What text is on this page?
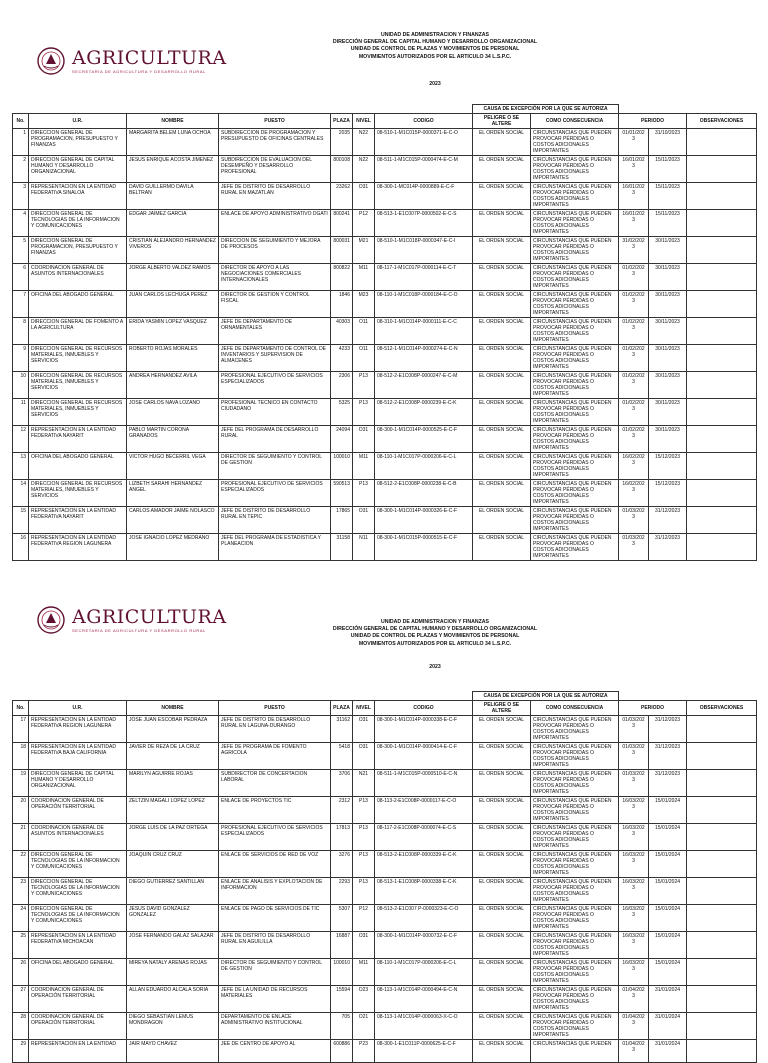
AGRICULTURA
SECRETARÍA DE AGRICULTURA Y DESARROLLO RURAL
UNIDAD DE ADMINISTRACION Y FINANZAS
DIRECCIÓN GENERAL DE CAPITAL HUMANO Y DESARROLLO ORGANIZACIONAL
UNIDAD DE CONTROL DE PLAZAS Y MOVIMIENTOS DE PERSONAL
MOVIMIENTOS AUTORIZADOS POR EL ARTICULO 34 L.S.P.C.
2023
							CAUSA DE EXCEPCIÓN POR LA QUE SE AUTORIZA				
No.	U.R.	NOMBRE	PUESTO	PLAZA	NIVEL	CODIGO	PELIGRE O SE ALTERE	COMO CONSECUENCIA	PERIODO		OBSERVACIONES
1	DIRECCION GENERAL DE PROGRAMACION, PRESUPUESTO Y FINANZAS	MARGARITA BELEM LUNA OCHOA	SUBDIRECCION DE PROGRAMACION Y PRESUPUESTO DE OFICINAS CENTRALES	2035	N22	08-510-1-M1C015P-0000371-E-C-O	EL ORDEN SOCIAL	CIRCUNSTANCIAS QUE PUEDEN PROVOCAR PÉRDIDAS O COSTOS ADICIONALES IMPORTANTES	01/01/2023	31/10/2023	
2	DIRECCION GENERAL DE CAPITAL HUMANO Y DESARROLLO ORGANIZACIONAL	JESUS ENRIQUE ACOSTA JIMENEZ	SUBDIRECCION DE EVALUACION DEL DESEMPEÑO Y DESARROLLO PROFESIONAL	800108	N22	08-511-1-M1C015P-0000474-E-C-M	EL ORDEN SOCIAL	CIRCUNSTANCIAS QUE PUEDEN PROVOCAR PÉRDIDAS O COSTOS ADICIONALES IMPORTANTES	16/01/2023	15/11/2023	
3	REPRESENTACION EN LA ENTIDAD FEDERATIVA SINALOA	DAVID GUILLERMO DAVILA BELTRAN	JEFE DE DISTRITO DE DESARROLLO RURAL EN MAZATLAN	23262	O31	08-300-1-MC014P-0000889-E-C-F	EL ORDEN SOCIAL	CIRCUNSTANCIAS QUE PUEDEN PROVOCAR PÉRDIDAS O COSTOS ADICIONALES IMPORTANTES	16/01/2023	15/11/2023	
4	DIRECCION GENERAL DE TECNOLOGIAS DE LA INFORMACION Y COMUNICACIONES	EDGAR JAIMEZ GARCIA	ENLACE DE APOYO ADMINISTRATIVO DGATI	800241	P12	08-513-1-E1C007P-0000502-E-C-S	EL ORDEN SOCIAL	CIRCUNSTANCIAS QUE PUEDEN PROVOCAR PÉRDIDAS O COSTOS ADICIONALES IMPORTANTES	16/01/2023	15/11/2023	
5	DIRECCION GENERAL DE PROGRAMACION, PRESUPUESTO Y FINANZAS	CRISTIAN ALEJANDRO HERNANDEZ VIVEROS	DIRECCION DE SEGUIMIENTO Y MEJORA DE PROCESOS	800031	M21	08-510-1-M1C018P-0000347-E-C-I	EL ORDEN SOCIAL	CIRCUNSTANCIAS QUE PUEDEN PROVOCAR PÉRDIDAS O COSTOS ADICIONALES IMPORTANTES	31/02/2023	30/11/2023	
6	COORDINACION GENERAL DE ASUNTOS INTERNACIONALES	JORGE ALBERTO VALDEZ RAMOS	DIRECTOR DE APOYO A LAS NEGOCIACIONES COMERCIALES INTERNACIONALES	800822	M11	08-117-1-M1C017P-0000114-E-C-T	EL ORDEN SOCIAL	CIRCUNSTANCIAS QUE PUEDEN PROVOCAR PÉRDIDAS O COSTOS ADICIONALES IMPORTANTES	01/02/2023	30/11/2023	
7	OFICINA DEL ABOGADO GENERAL	JUAN CARLOS LECHUGA PEREZ	DIRECTOR DE GESTION Y CONTROL FISCAL	1846	M23	08-110-1-M1C018P-0000184-E-C-O	EL ORDEN SOCIAL	CIRCUNSTANCIAS QUE PUEDEN PROVOCAR PÉRDIDAS O COSTOS ADICIONALES IMPORTANTES	01/02/2023	30/11/2023	
8	DIRECCION GENERAL DE FOMENTO A LA AGRICULTURA	ERIDA YASMIN LOPEZ VASQUEZ	JEFE DE DEPARTAMENTO DE ORNAMENTALES	40303	O11	08-310-1-M1C014P-0000111-E-C-C	EL ORDEN SOCIAL	CIRCUNSTANCIAS QUE PUEDEN PROVOCAR PÉRDIDAS O COSTOS ADICIONALES IMPORTANTES	01/02/2023	30/11/2023	
9	DIRECCION GENERAL DE RECURSOS MATERIALES, INMUEBLES Y SERVICIOS	ROBERTO ROJAS MORALES	JEFE DE DEPARTAMENTO DE CONTROL DE INVENTARIOS Y SUPERVISION DE ALMACENES	4233	O11	08-512-1-M1C014P-0000274-E-C-N	EL ORDEN SOCIAL	CIRCUNSTANCIAS QUE PUEDEN PROVOCAR PÉRDIDAS O COSTOS ADICIONALES IMPORTANTES	01/02/2023	30/11/2023	
10	DIRECCION GENERAL DE RECURSOS MATERIALES, INMUEBLES Y SERVICIOS	ANDREA HERNANDEZ AVILA	PROFESIONAL EJECUTIVO DE SERVICIOS ESPECIALIZADOS	2306	P13	08-512-2-E1C008P-0000247-E-C-M	EL ORDEN SOCIAL	CIRCUNSTANCIAS QUE PUEDEN PROVOCAR PÉRDIDAS O COSTOS ADICIONALES IMPORTANTES	01/02/2023	30/11/2023	
11	DIRECCION GENERAL DE RECURSOS MATERIALES, INMUEBLES Y SERVICIOS	JOSE CARLOS NAVA LOZANO	PROFESIONAL TECNICO EN CONTACTO CIUDADANO	5325	P13	08-512-2-E1C008P-0000239-E-C-K	EL ORDEN SOCIAL	CIRCUNSTANCIAS QUE PUEDEN PROVOCAR PÉRDIDAS O COSTOS ADICIONALES IMPORTANTES	01/02/2023	30/11/2023	
12	REPRESENTACION EN LA ENTIDAD FEDERATIVA NAYARIT	PABLO MARTIN CORONA GRANADOS	JEFE DEL PROGRAMA DE DESARROLLO RURAL	24094	O31	08-300-1-M1C014P-0000525-E-C-F	EL ORDEN SOCIAL	CIRCUNSTANCIAS QUE PUEDEN PROVOCAR PÉRDIDAS O COSTOS ADICIONALES IMPORTANTES	01/02/2023	30/11/2023	
13	OFICINA DEL ABOGADO GENERAL	VICTOR HUGO BECERRIL VEGA	DIRECTOR DE SEGUIMIENTO Y CONTROL DE GESTION	100010	M11	08-110-1-M1C017P-0000206-E-C-L	EL ORDEN SOCIAL	CIRCUNSTANCIAS QUE PUEDEN PROVOCAR PÉRDIDAS O COSTOS ADICIONALES IMPORTANTES	16/02/2023	15/12/2023	
14	DIRECCION GENERAL DE RECURSOS MATERIALES, INMUEBLES Y SERVICIOS	LIZBETH SARAHI HERNANDEZ ANGEL	PROFESIONAL EJECUTIVO DE SERVICIOS ESPECIALIZADOS	590513	P13	08-512-2-E1C008P-0000238-E-C-B	EL ORDEN SOCIAL	CIRCUNSTANCIAS QUE PUEDEN PROVOCAR PÉRDIDAS O COSTOS ADICIONALES IMPORTANTES	16/02/2023	15/12/2023	
15	REPRESENTACION EN LA ENTIDAD FEDERATIVA NAYARIT	CARLOS AMADOR JAIME NOLASCO	JEFE DE DISTRITO DE DESARROLLO RURAL EN TEPIC	17865	O31	08-300-1-M1C014P-0000326-E-C-F	EL ORDEN SOCIAL	CIRCUNSTANCIAS QUE PUEDEN PROVOCAR PÉRDIDAS O COSTOS ADICIONALES IMPORTANTES	01/03/2023	31/12/2023	
16	REPRESENTACION EN LA ENTIDAD FEDERATIVA REGION LAGUNERA	JOSE IGNACIO LOPEZ MEDRANO	JEFE DEL PROGRAMA DE ESTADISTICA Y PLANEACION	31158	N11	08-300-1-M1C015P-0000515-E-C-F	EL ORDEN SOCIAL	CIRCUNSTANCIAS QUE PUEDEN PROVOCAR PÉRDIDAS O COSTOS ADICIONALES IMPORTANTES	01/03/2023	31/12/2023	
AGRICULTURA
SECRETARÍA DE AGRICULTURA Y DESARROLLO RURAL
UNIDAD DE ADMINISTRACION Y FINANZAS
DIRECCIÓN GENERAL DE CAPITAL HUMANO Y DESARROLLO ORGANIZACIONAL
UNIDAD DE CONTROL DE PLAZAS Y MOVIMIENTOS DE PERSONAL
MOVIMIENTOS AUTORIZADOS POR EL ARTICULO 34 L.S.P.C.
2023
							CAUSA DE EXCEPCIÓN POR LA QUE SE AUTORIZA				
No.	U.R.	NOMBRE	PUESTO	PLAZA	NIVEL	CODIGO	PELIGRE O SE ALTERE	COMO CONSECUENCIA	PERIODO		OBSERVACIONES
17	REPRESENTACION EN LA ENTIDAD FEDERATIVA REGION LAGUNERA	JOSE JUAN ESCOBAR PEDRAZA	JEFE DE DISTRITO DE DESARROLLO RURAL EN LAGUNA-DURANGO	31162	O31	08-300-1-M1C014P-0000338-E-C-F	EL ORDEN SOCIAL	CIRCUNSTANCIAS QUE PUEDEN PROVOCAR PÉRDIDAS O COSTOS ADICIONALES IMPORTANTES	01/03/2023	31/12/2023	
18	REPRESENTACION EN LA ENTIDAD FEDERATIVA BAJA CALIFORNIA	JAVIER DE REZA DE LA CRUZ	JEFE DE PROGRAMA DE FOMENTO AGRICOLA	5418	O31	08-300-1-M1C014P-0000414-E-C-F	EL ORDEN SOCIAL	CIRCUNSTANCIAS QUE PUEDEN PROVOCAR PÉRDIDAS O COSTOS ADICIONALES IMPORTANTES	01/03/2023	31/12/2023	
19	DIRECCION GENERAL DE CAPITAL HUMANO Y DESARROLLO ORGANIZACIONAL	MARILYN AGUIRRE ROJAS	SUBDIRECTOR DE CONCERTACION LABORAL	3706	N21	08-511-1-M1C015P-0000510-E-C-N	EL ORDEN SOCIAL	CIRCUNSTANCIAS QUE PUEDEN PROVOCAR PÉRDIDAS O COSTOS ADICIONALES IMPORTANTES	01/03/2023	31/12/2023	
20	COORDINACION GENERAL DE OPERACIÓN TERRITORIAL	ZELTZIN MAGALI LOPEZ LOPEZ	ENLACE DE PROYECTOS TIC	2312	P13	08-113-2-E1C008P-0000117-E-C-O	EL ORDEN SOCIAL	CIRCUNSTANCIAS QUE PUEDEN PROVOCAR PÉRDIDAS O COSTOS ADICIONALES IMPORTANTES	16/03/2023	15/01/2024	
21	COORDINACION GENERAL DE ASUNTOS INTERNACIONALES	JORGE LUIS DE LA PAZ ORTEGA	PROFESIONAL EJECUTIVO DE SERVICIOS ESPECIALIZADOS	17813	P13	08-117-2-E1C008P-0000074-E-C-S	EL ORDEN SOCIAL	CIRCUNSTANCIAS QUE PUEDEN PROVOCAR PÉRDIDAS O COSTOS ADICIONALES IMPORTANTES	16/03/2023	15/01/2024	
22	DIRECCION GENERAL DE TECNOLOGIAS DE LA INFORMACION Y COMUNICACIONES	JOAQUIN CRUZ CRUZ	ENLACE DE SERVICIOS DE RED DE VOZ	3276	P13	08-513-2-E1C008P-0000339-E-C-K	EL ORDEN SOCIAL	CIRCUNSTANCIAS QUE PUEDEN PROVOCAR PÉRDIDAS O COSTOS ADICIONALES IMPORTANTES	16/03/2023	15/01/2024	
23	DIRECCION GENERAL DE TECNOLOGIAS DE LA INFORMACION Y COMUNICACIONES	DIEGO GUTIERREZ SANTILLAN	ENLACE DE ANALISIS Y EXPLOTACION DE INFORMACION	2293	P13	08-513-1-E1C008P-0000338-E-C-K	EL ORDEN SOCIAL	CIRCUNSTANCIAS QUE PUEDEN PROVOCAR PÉRDIDAS O COSTOS ADICIONALES IMPORTANTES	16/03/2023	15/01/2024	
24	DIRECCION GENERAL DE TECNOLOGIAS DE LA INFORMACION Y COMUNICACIONES	JESUS DAVID GONZALEZ GONZALEZ	ENLACE DE PAGO DE SERVICIOS DE TIC	5307	P12	08-513-2-E1C007 P-0000323-E-C-O	EL ORDEN SOCIAL	CIRCUNSTANCIAS QUE PUEDEN PROVOCAR PÉRDIDAS O COSTOS ADICIONALES IMPORTANTES	16/03/2023	15/01/2024	
25	REPRESENTACION EN LA ENTIDAD FEDERATIVA MICHOACAN	JOSE FERNANDO GALAZ SALAZAR	JEFE DE DISTRITO DE DESARROLLO RURAL EN AGUILILLA	16887	O31	08-300-1-M1C014P-0000732-E-C-F	EL ORDEN SOCIAL	CIRCUNSTANCIAS QUE PUEDEN PROVOCAR PÉRDIDAS O COSTOS ADICIONALES IMPORTANTES	16/03/2023	15/01/2024	
26	OFICINA DEL ABOGADO GENERAL	MIREYA NATALY ARENAS ROJAS	DIRECTOR DE SEGUIMIENTO Y CONTROL DE GESTION	100010	M11	08-110-1-M1C017P-0000206-E-C-L	EL ORDEN SOCIAL	CIRCUNSTANCIAS QUE PUEDEN PROVOCAR PÉRDIDAS O COSTOS ADICIONALES IMPORTANTES	16/03/2023	15/01/2024	
27	COORDINACION GENERAL DE OPERACIÓN TERRITORIAL	ALLAN EDUARDO ALCALA SORIA	JEFE DE LA UNIDAD DE RECURSOS MATERIALES	15594	O23	08-113-1-M1C014P-0000494-E-C-N	EL ORDEN SOCIAL	CIRCUNSTANCIAS QUE PUEDEN PROVOCAR PÉRDIDAS O COSTOS ADICIONALES IMPORTANTES	01/04/2023	31/01/2024	
28	COORDINACION GENERAL DE OPERACIÓN TERRITORIAL	DIEGO SEBASTIAN LEMUS MONDRAGON	DEPARTAMENTO DE ENLACE ADMINISTRATIVO INSTITUCIONAL	705	O21	08-113-1-M1C014P-0000063-X-C-O	EL ORDEN SOCIAL	CIRCUNSTANCIAS QUE PUEDEN PROVOCAR PÉRDIDAS O COSTOS ADICIONALES IMPORTANTES	01/04/2023	31/01/2024	
29	REPRESENTACION EN LA ENTIDAD	JAIR MAYO CHAVEZ	JEE DE CENTRO DE APOYO AL	600886	P23	08-300-1-E1C011P-0000625-E-C-F	EL ORDEN SOCIAL	CIRCUNSTANCIAS QUE PUEDEN	01/04/2023	31/01/2024	
